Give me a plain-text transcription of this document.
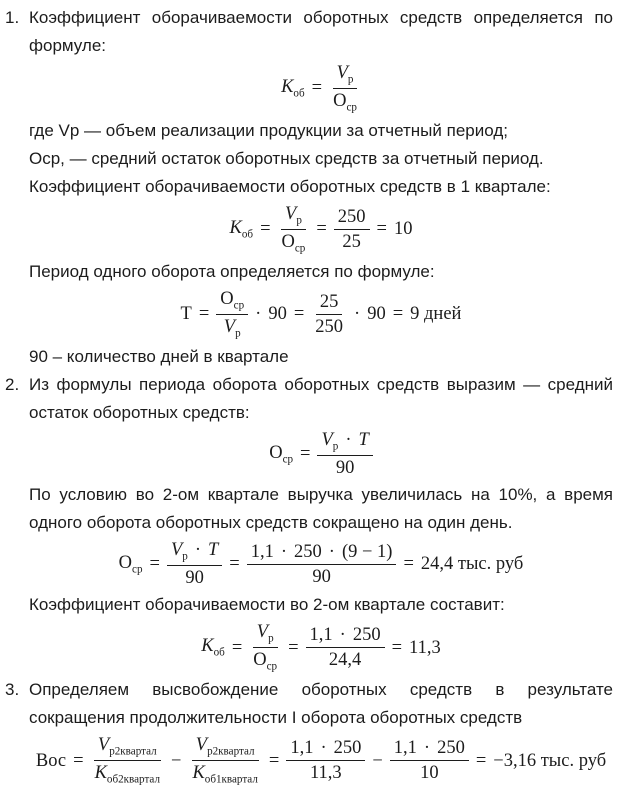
1. Коэффициент оборачиваемости оборотных средств определяется по формуле:

$K_{об} = \frac{V_р}{О_{ср}}$

где Vр — объем реализации продукции за отчетный период;

Оср, — средний остаток оборотных средств за отчетный период.

Коэффициент оборачиваемости оборотных средств в 1 квартале:

$K_{об} = \frac{V_р}{О_{ср}} = \frac{250}{25} = 10$

Период одного оборота определяется по формуле:

$Т = \frac{О_{ср}}{V_р} \cdot 90 = \frac{25}{250} \cdot 90 = 9$ дней

90 – количество дней в квартале

2. Из формулы периода оборота оборотных средств выразим — средний остаток оборотных средств:

$О_{ср} = \frac{V_р \cdot T}{90}$

По условию во 2-ом квартале выручка увеличилась на 10%, а время одного оборота оборотных средств сокращено на один день.

$О_{ср} = \frac{V_р \cdot T}{90} = \frac{1,1 \cdot 250 \cdot (9 - 1)}{90} = 24,4$ тыс. руб

Коэффициент оборачиваемости во 2-ом квартале составит:

$K_{об} = \frac{V_р}{О_{ср}} = \frac{1,1 \cdot 250}{24,4} = 11,3$
3. Определяем высвобождение оборотных средств в результате сокращения продолжительности I оборота оборотных средств

Вос = $\frac{V_{р2квартал}}{K_{об2квартал}} - \frac{V_{р2квартал}}{K_{об1квартал}} = \frac{1,1 \cdot 250}{11,3} - \frac{1,1 \cdot 250}{10} = -3,16$ тыс. руб
